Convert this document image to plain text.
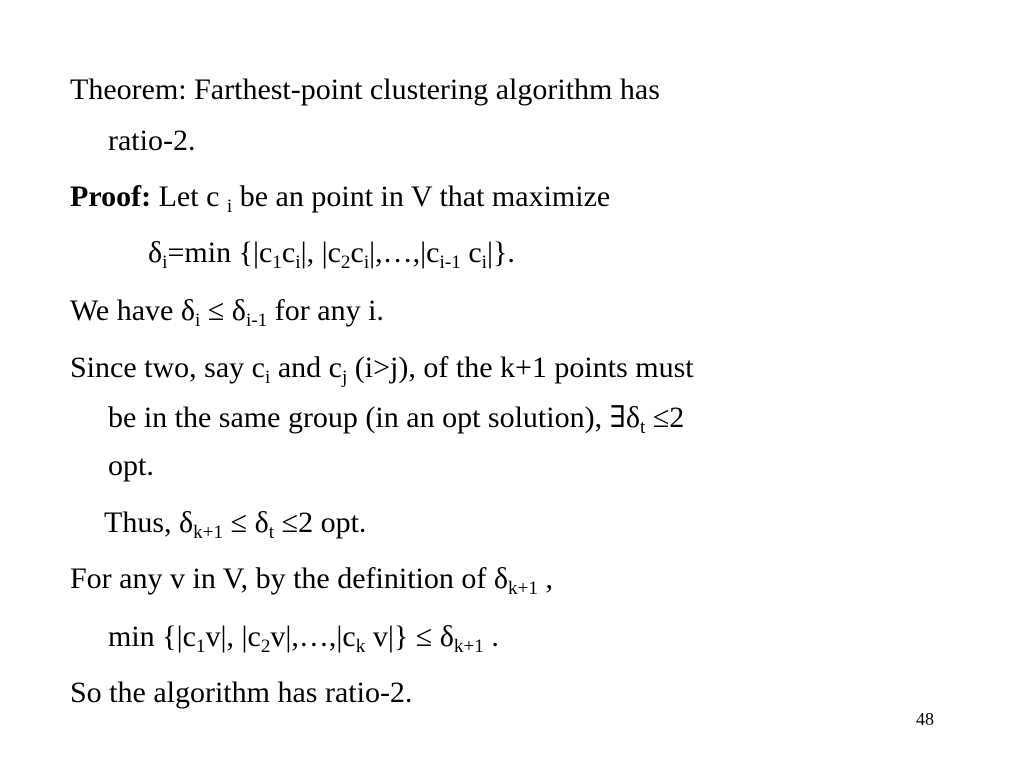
Theorem: Farthest-point clustering algorithm has
ratio-2.
Proof: Let c $_i$ be an point in V that maximize
$\delta_i=\min$ {$|c_1c_i|$, $|c_2c_i|,\dots,|c_{i-1}$ $c_i|$}.
We have $\delta_i \le \delta_{i-1}$ for any i.
Since two, say $c_i$ and $c_j$ (i>j), of the k+1 points must
be in the same group (in an opt solution), $\exists\delta_t \le 2$
opt.
Thus, $\delta_{k+1} \le \delta_t \le 2$ opt.
For any v in V, by the definition of $\delta_{k+1}$ ,
$\min \{|c_1v|$, $|c_2v|,\dots,|c_k$ $v|\} \le \delta_{k+1}$ .
So the algorithm has ratio-2.
48
